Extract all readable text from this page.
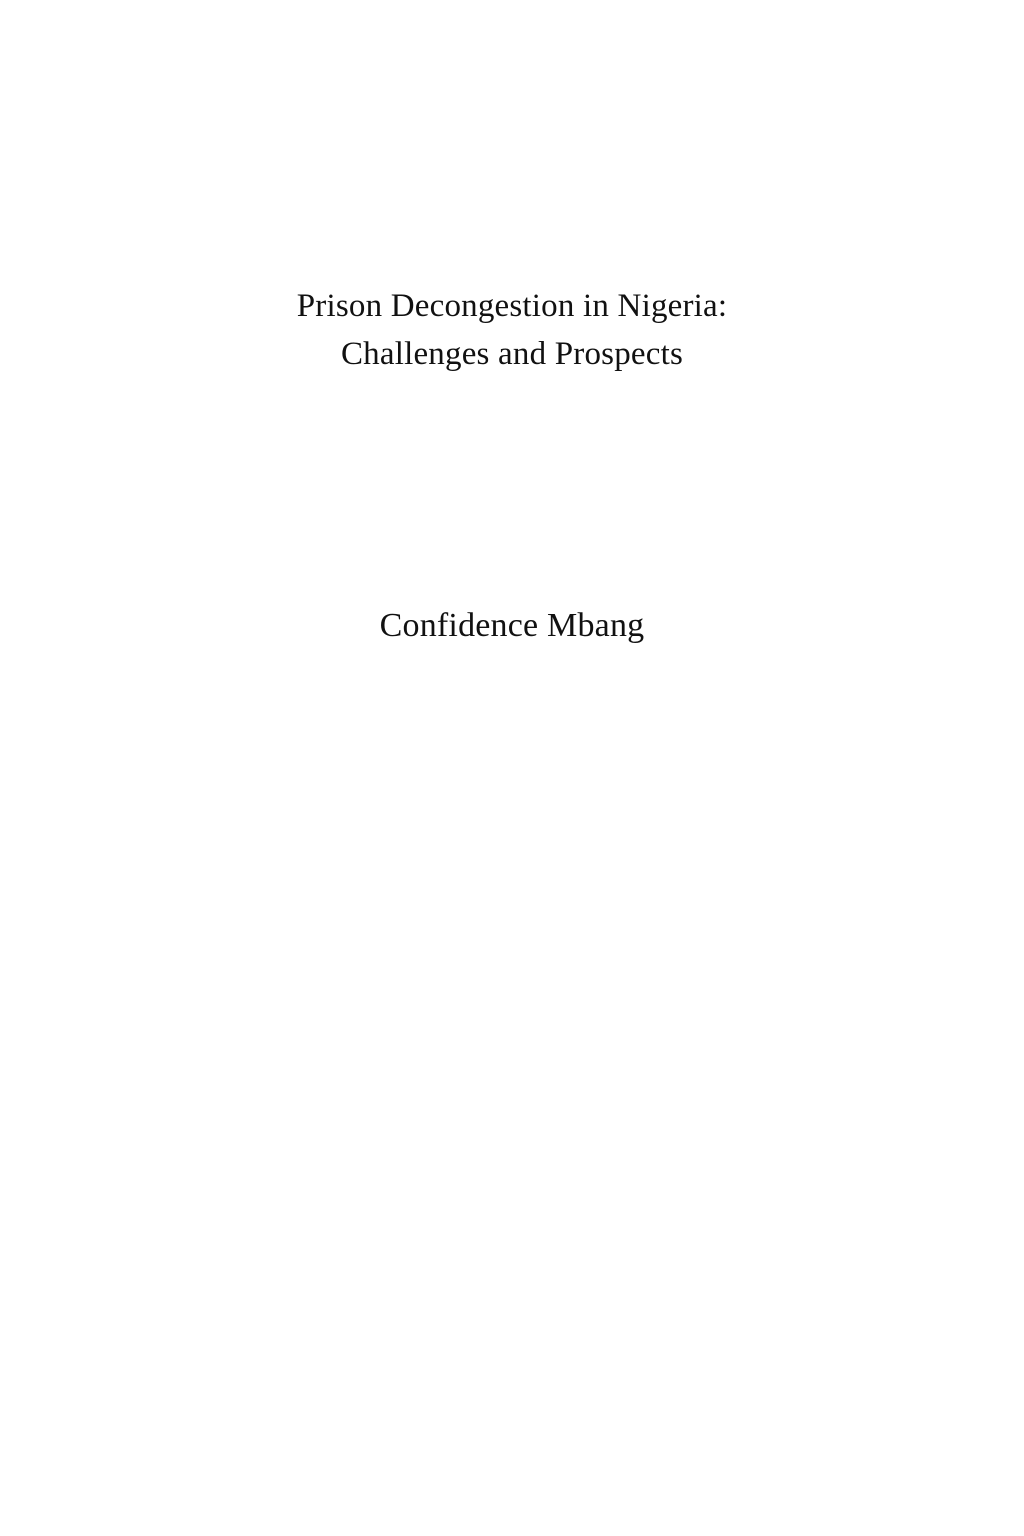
Prison Decongestion in Nigeria:
Challenges and Prospects
Confidence Mbang
